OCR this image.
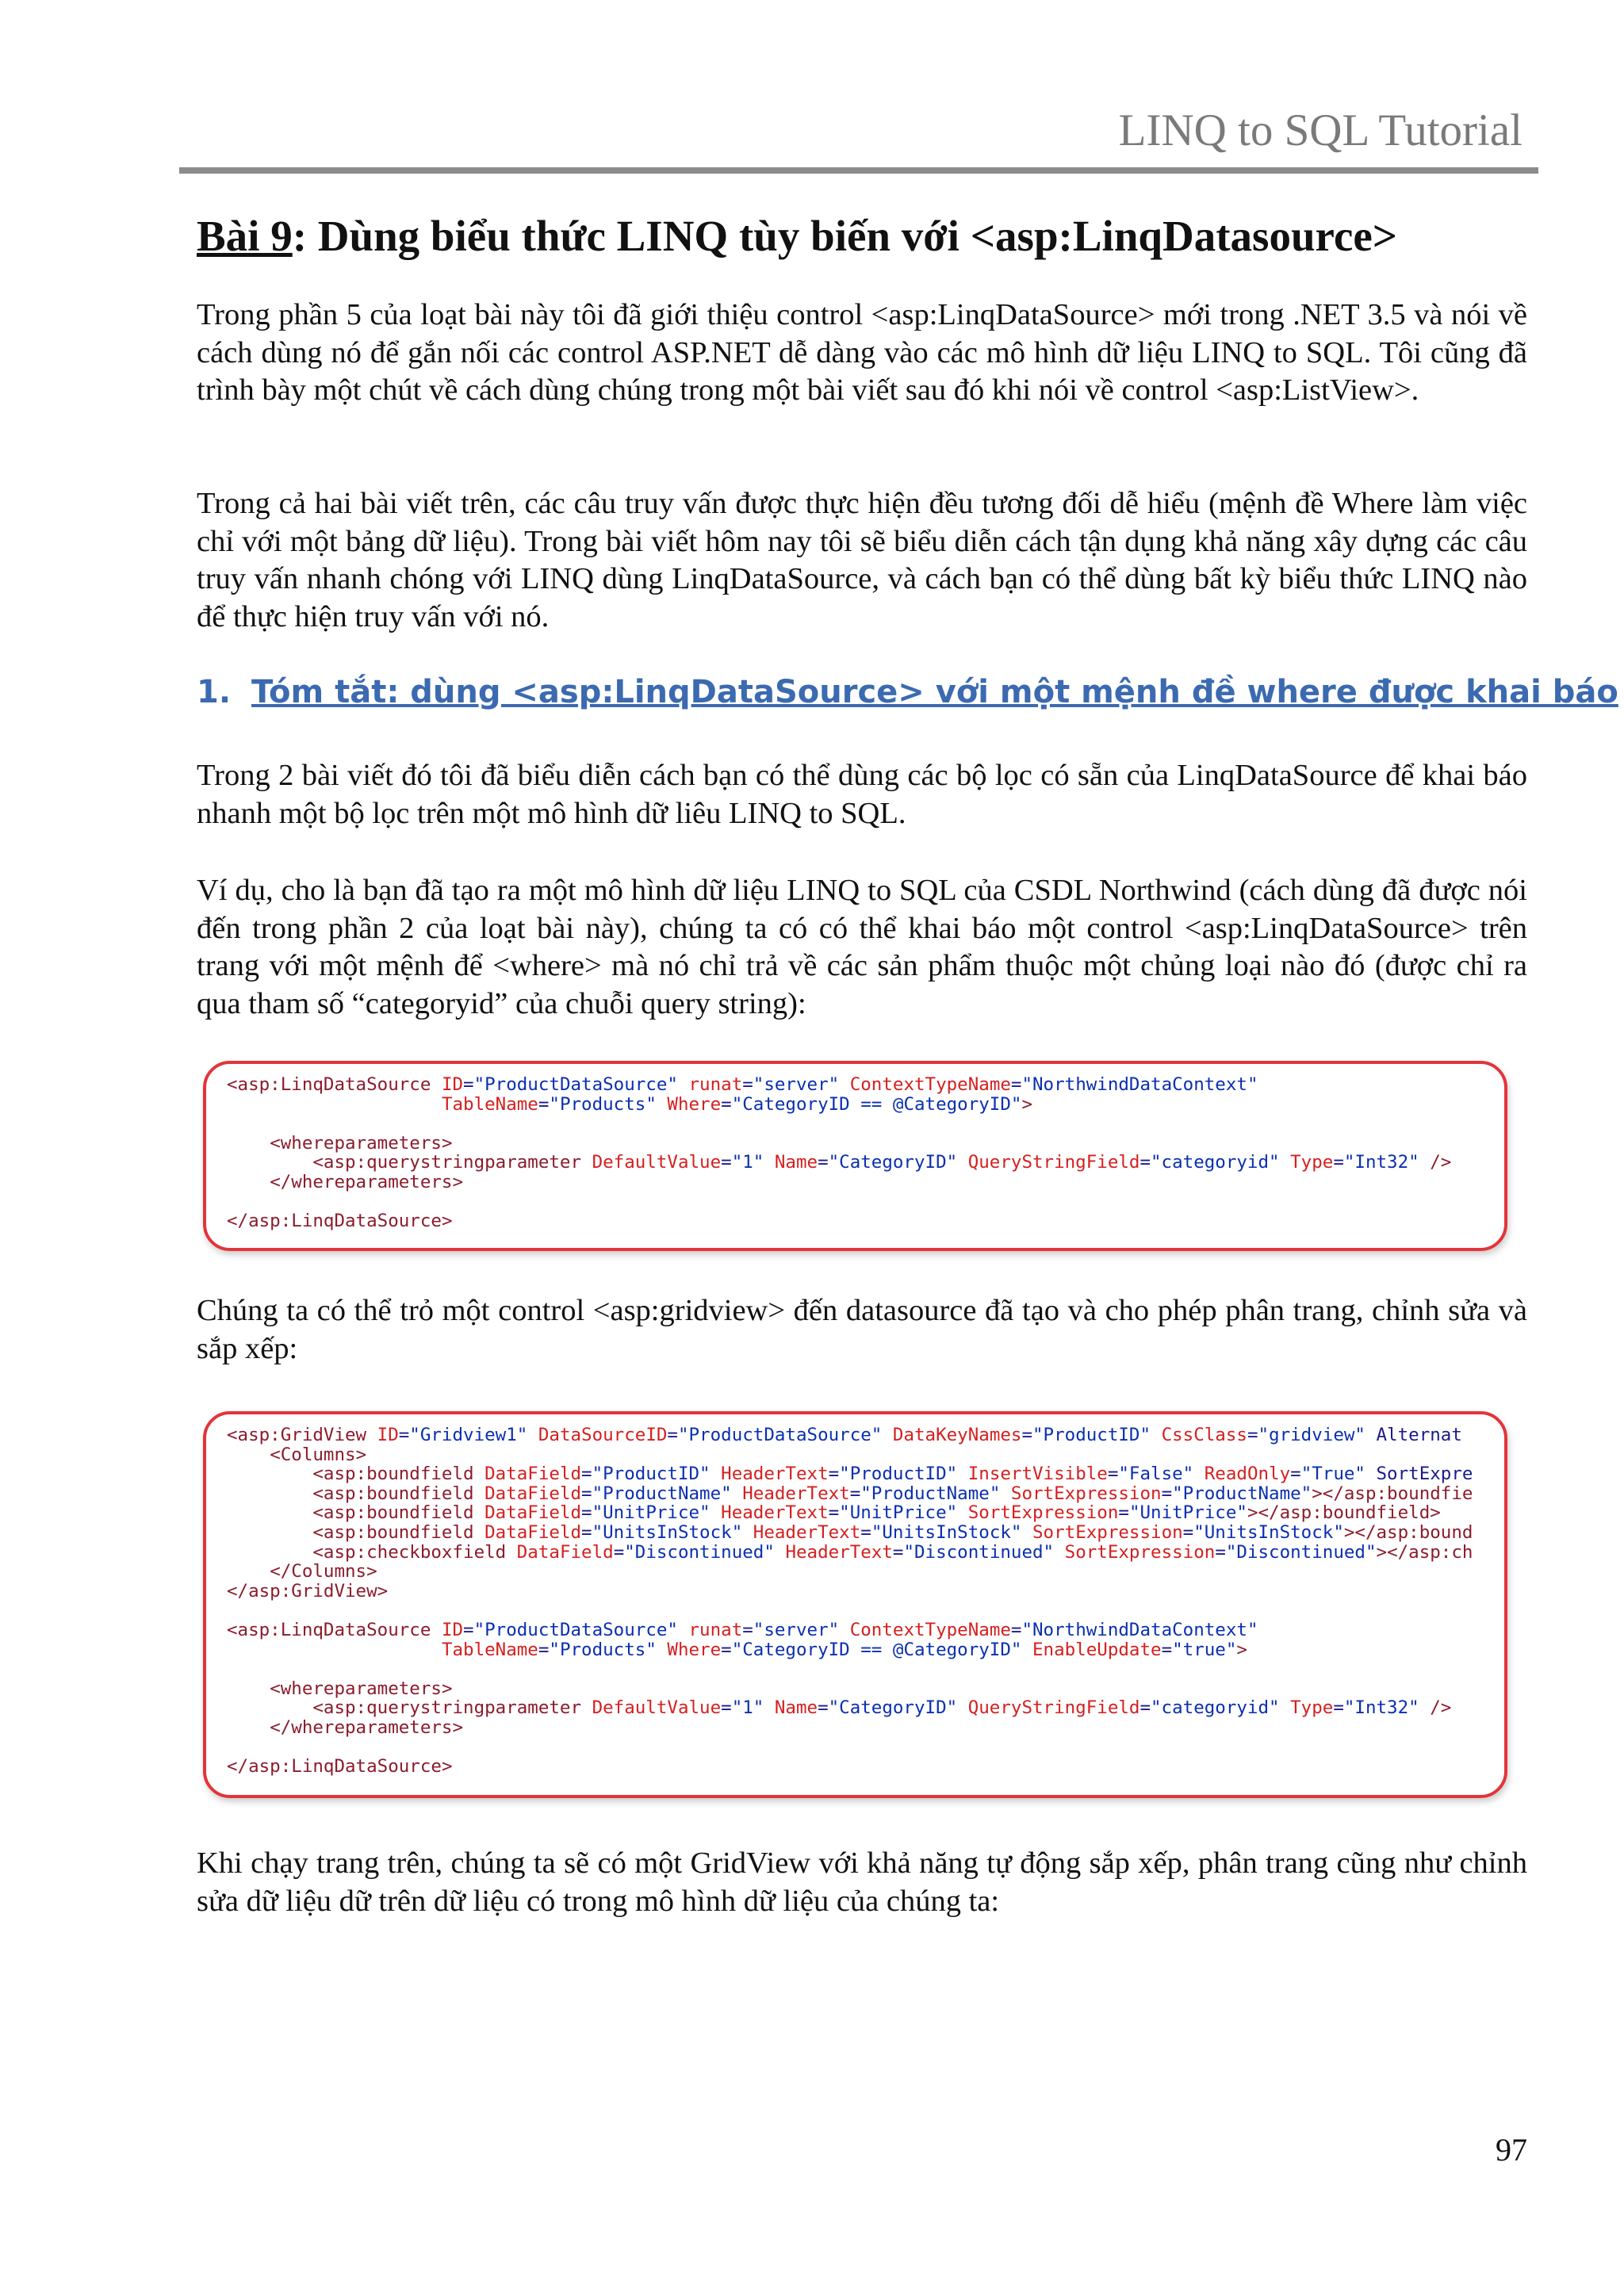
LINQ to SQL Tutorial
Bài 9: Dùng biểu thức LINQ tùy biến với <asp:LinqDatasource>

Trong phần 5 của loạt bài này tôi đã giới thiệu control <asp:LinqDataSource> mới trong .NET 3.5 và nói về cách dùng nó để gắn nối các control ASP.NET dễ dàng vào các mô hình dữ liệu LINQ to SQL. Tôi cũng đã trình bày một chút về cách dùng chúng trong một bài viết sau đó khi nói về control <asp:ListView>.

Trong cả hai bài viết trên, các câu truy vấn được thực hiện đều tương đối dễ hiểu (mệnh đề Where làm việc chỉ với một bảng dữ liệu). Trong bài viết hôm nay tôi sẽ biểu diễn cách tận dụng khả năng xây dựng các câu truy vấn nhanh chóng với LINQ dùng LinqDataSource, và cách bạn có thể dùng bất kỳ biểu thức LINQ nào để thực hiện truy vấn với nó.

1. Tóm tắt: dùng <asp:LinqDataSource> với một mệnh đề where được khai báo

Trong 2 bài viết đó tôi đã biểu diễn cách bạn có thể dùng các bộ lọc có sẵn của LinqDataSource để khai báo nhanh một bộ lọc trên một mô hình dữ liêu LINQ to SQL.

Ví dụ, cho là bạn đã tạo ra một mô hình dữ liệu LINQ to SQL của CSDL Northwind (cách dùng đã được nói đến trong phần 2 của loạt bài này), chúng ta có có thể khai báo một control <asp:LinqDataSource> trên trang với một mệnh để <where> mà nó chỉ trả về các sản phẩm thuộc một chủng loại nào đó (được chỉ ra qua tham số “categoryid” của chuỗi query string):

<asp:LinqDataSource ID="ProductDataSource" runat="server" ContextTypeName="NorthwindDataContext"
TableName="Products" Where="CategoryID == @CategoryID">

<whereparameters>
<asp:querystringparameter DefaultValue="1" Name="CategoryID" QueryStringField="categoryid" Type="Int32" />
</whereparameters>

</asp:LinqDataSource>

Chúng ta có thể trỏ một control <asp:gridview> đến datasource đã tạo và cho phép phân trang, chỉnh sửa và sắp xếp:

<asp:GridView ID="Gridview1" DataSourceID="ProductDataSource" DataKeyNames="ProductID" CssClass="gridview" Alternat
<Columns>
<asp:boundfield DataField="ProductID" HeaderText="ProductID" InsertVisible="False" ReadOnly="True" SortExpre
<asp:boundfield DataField="ProductName" HeaderText="ProductName" SortExpression="ProductName"></asp:boundfie
<asp:boundfield DataField="UnitPrice" HeaderText="UnitPrice" SortExpression="UnitPrice"></asp:boundfield>
<asp:boundfield DataField="UnitsInStock" HeaderText="UnitsInStock" SortExpression="UnitsInStock"></asp:bound
<asp:checkboxfield DataField="Discontinued" HeaderText="Discontinued" SortExpression="Discontinued"></asp:ch
</Columns>
</asp:GridView>

<asp:LinqDataSource ID="ProductDataSource" runat="server" ContextTypeName="NorthwindDataContext"
TableName="Products" Where="CategoryID == @CategoryID" EnableUpdate="true">

<whereparameters>
<asp:querystringparameter DefaultValue="1" Name="CategoryID" QueryStringField="categoryid" Type="Int32" />
</whereparameters>

</asp:LinqDataSource>

Khi chạy trang trên, chúng ta sẽ có một GridView với khả năng tự động sắp xếp, phân trang cũng như chỉnh sửa dữ liệu dữ trên dữ liệu có trong mô hình dữ liệu của chúng ta:

97
